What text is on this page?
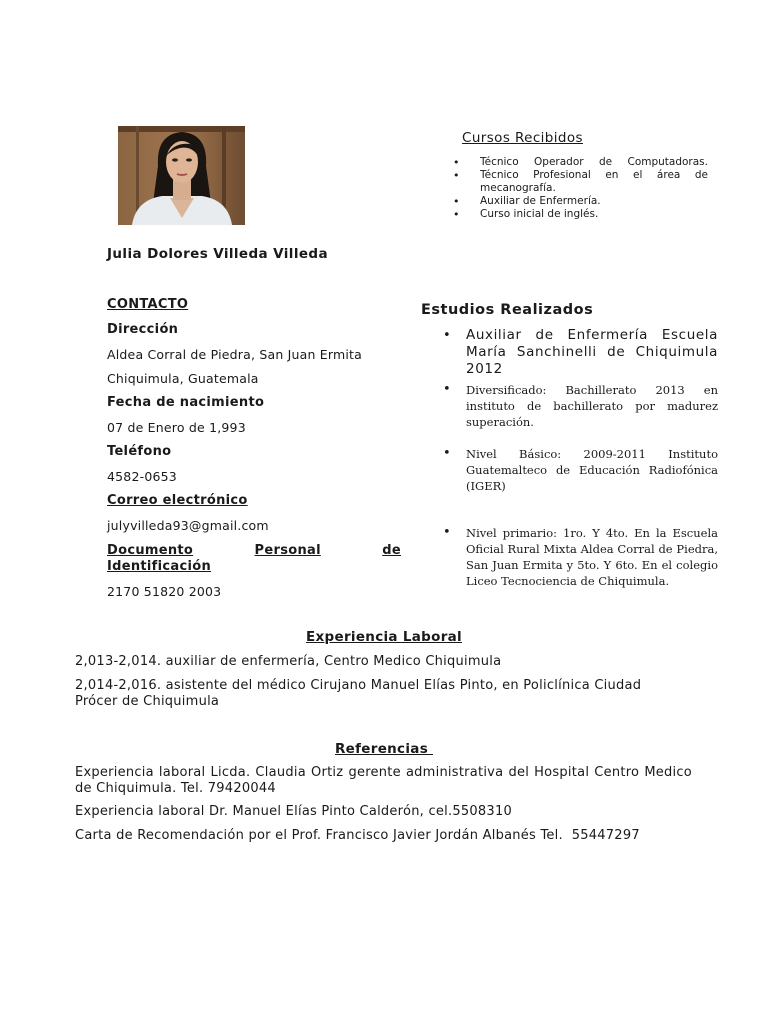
Julia Dolores Villeda Villeda
CONTACTO
Dirección
Aldea Corral de Piedra, San Juan Ermita
Chiquimula, Guatemala
Fecha de nacimiento
07 de Enero de 1,993
Teléfono
4582-0653
Correo electrónico
julyvilleda93@gmail.com
Documento	Personal	de
Identificación
2170 51820 2003
Cursos Recibidos
• Técnico Operador de Computadoras.
• Técnico Profesional en el área de mecanografía.
• Auxiliar de Enfermería.
• Curso inicial de inglés.
Estudios Realizados
• Auxiliar de Enfermería Escuela María Sanchinelli de Chiquimula 2012
• Diversificado: Bachillerato 2013 en instituto de bachillerato por madurez superación.
• Nivel Básico: 2009-2011 Instituto Guatemalteco de Educación Radiofónica (IGER)
• Nivel primario: 1ro. Y 4to. En la Escuela Oficial Rural Mixta Aldea Corral de Piedra, San Juan Ermita y 5to. Y 6to. En el colegio Liceo Tecnociencia de Chiquimula.
Experiencia Laboral
2,013-2,014. auxiliar de enfermería, Centro Medico Chiquimula
2,014-2,016. asistente del médico Cirujano Manuel Elías Pinto, en Policlínica Ciudad Prócer de Chiquimula
Referencias
Experiencia laboral Licda. Claudia Ortiz gerente administrativa del Hospital Centro Medico de Chiquimula. Tel. 79420044
Experiencia laboral Dr. Manuel Elías Pinto Calderón, cel.5508310
Carta de Recomendación por el Prof. Francisco Javier Jordán Albanés Tel.  55447297
